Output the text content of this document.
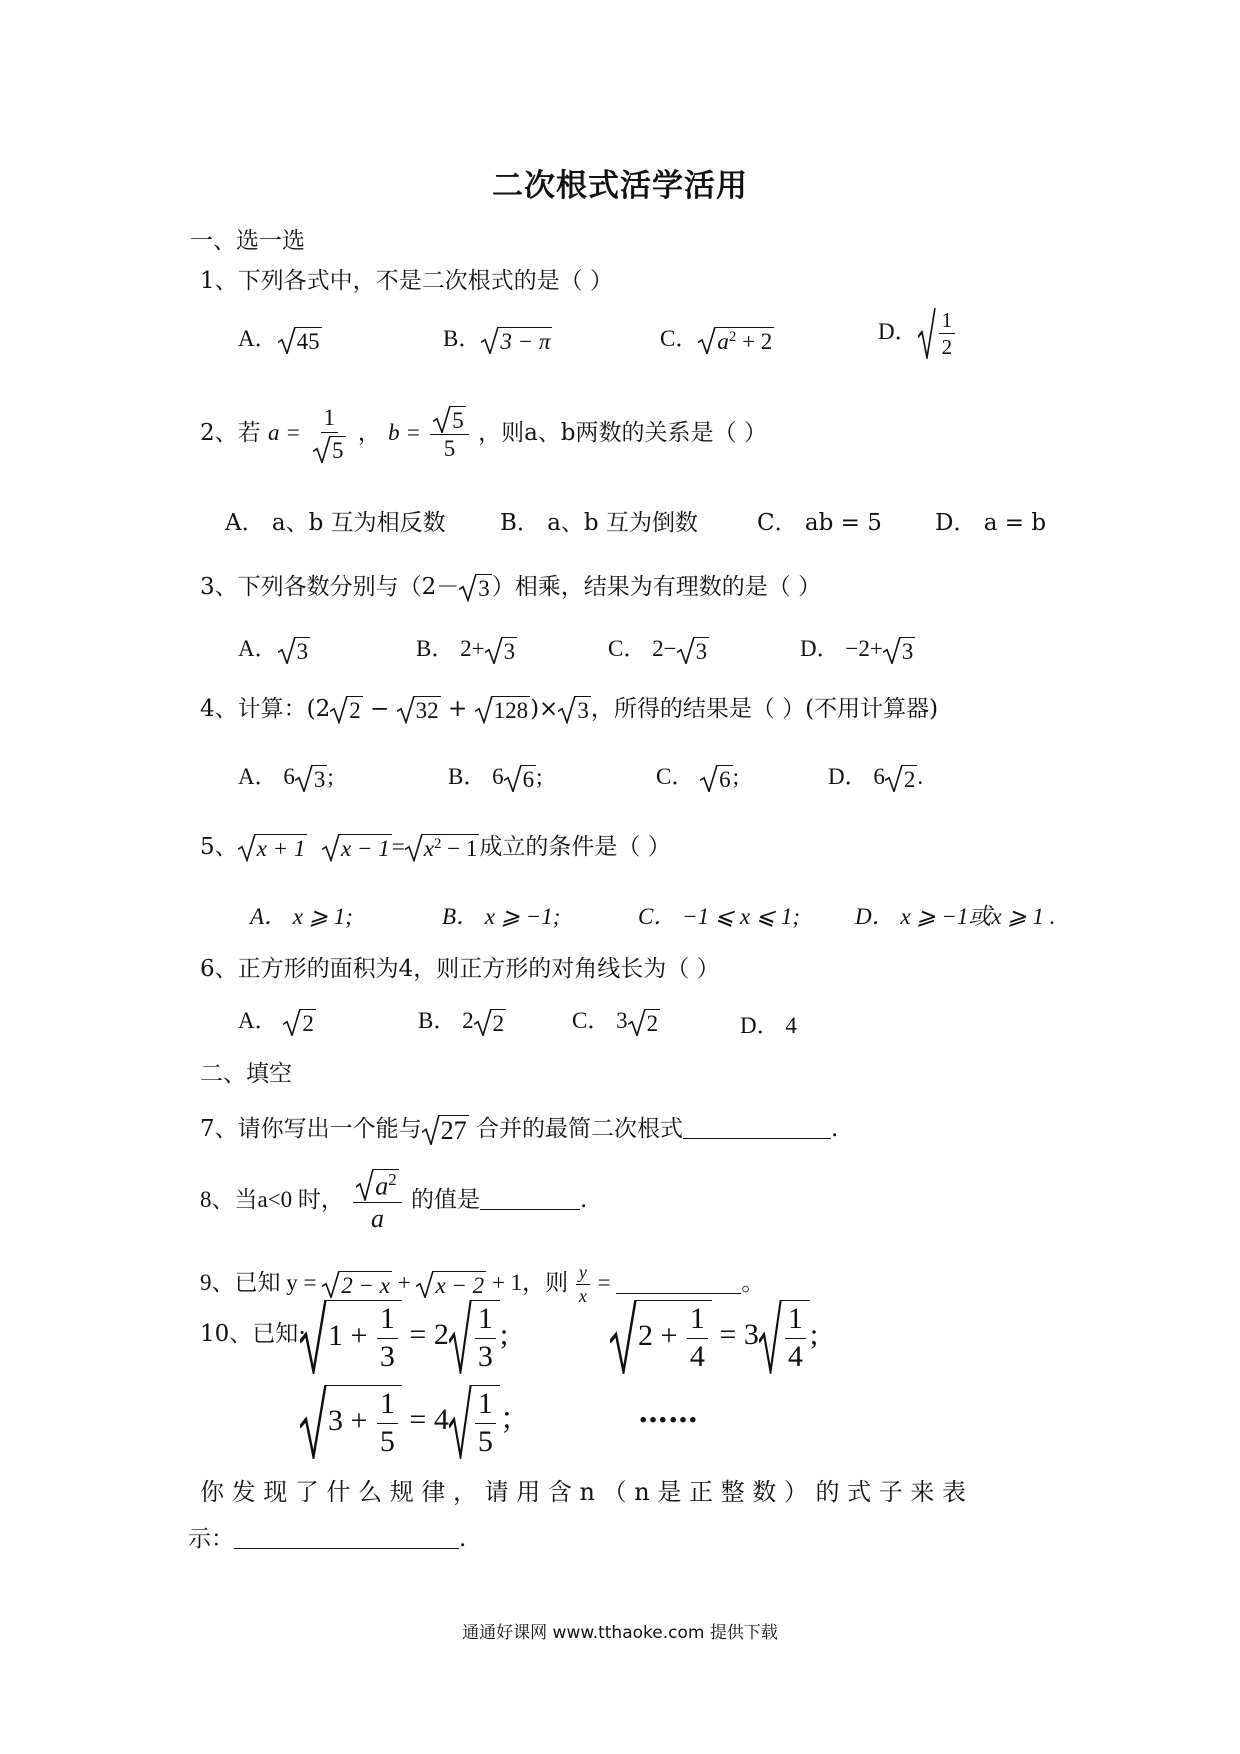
二次根式活学活用
一、选一选
1、下列各式中，不是二次根式的是（ ）
A． 45	B． 3 − π	C． $a^2 + 2$	D． $\frac{1}{2}$
2、若 $a = \frac{1}{5}$ ， $b = \frac{5}{5}$ ，则a、b两数的关系是（ ）
A． a、b 互为相反数 B． a、b 互为倒数	C． ab = 5 D． a = b
3、下列各数分别与（2－ 3）相乘，结果为有理数的是（ ）
A． 3	B． 2+ 3	C． 2− 3	D． −2+ 3
4、计算：(2 2 −
32 +
128)× 3，所得的结果是（ ）(不用计算器)
A． 6 3;	B． 6 6;	C．
6;	D． 6 2.
5、 x + 1 $x - 1= x^2 - 1$成立的条件是（ ）
A． x ⩾ 1;	B． x ⩾ −1;	C． −1 ⩽ x ⩽ 1; D． x ⩾ −1或x ⩾ 1 .
6、正方形的面积为4，则正方形的对角线长为（ ）
A．
2	B． 2 2	C． 3 2	D． 4
二、填空
7、请你写出一个能与 27 合并的最简二次根式	.
8、当a<0 时， $\frac{a^2}{a}$ 的值是	.
9、已知 y =
2 − x +
x − 2 + 1，则 $\frac{y}{x}$ =	。
10、已知: $1 + \frac{1}{3} = 2 \frac{1}{3}$ ;	$2 + \frac{1}{4} = 3 \frac{1}{4}$ ;
$3 + \frac{1}{5} = 4 \frac{1}{5}$ ；	……
你 发 现 了 什 么 规 律 ， 请 用 含 n （ n 是 正 整 数 ） 的 式 子 来 表
示：	.
通通好课网 www.tthaoke.com 提供下载
